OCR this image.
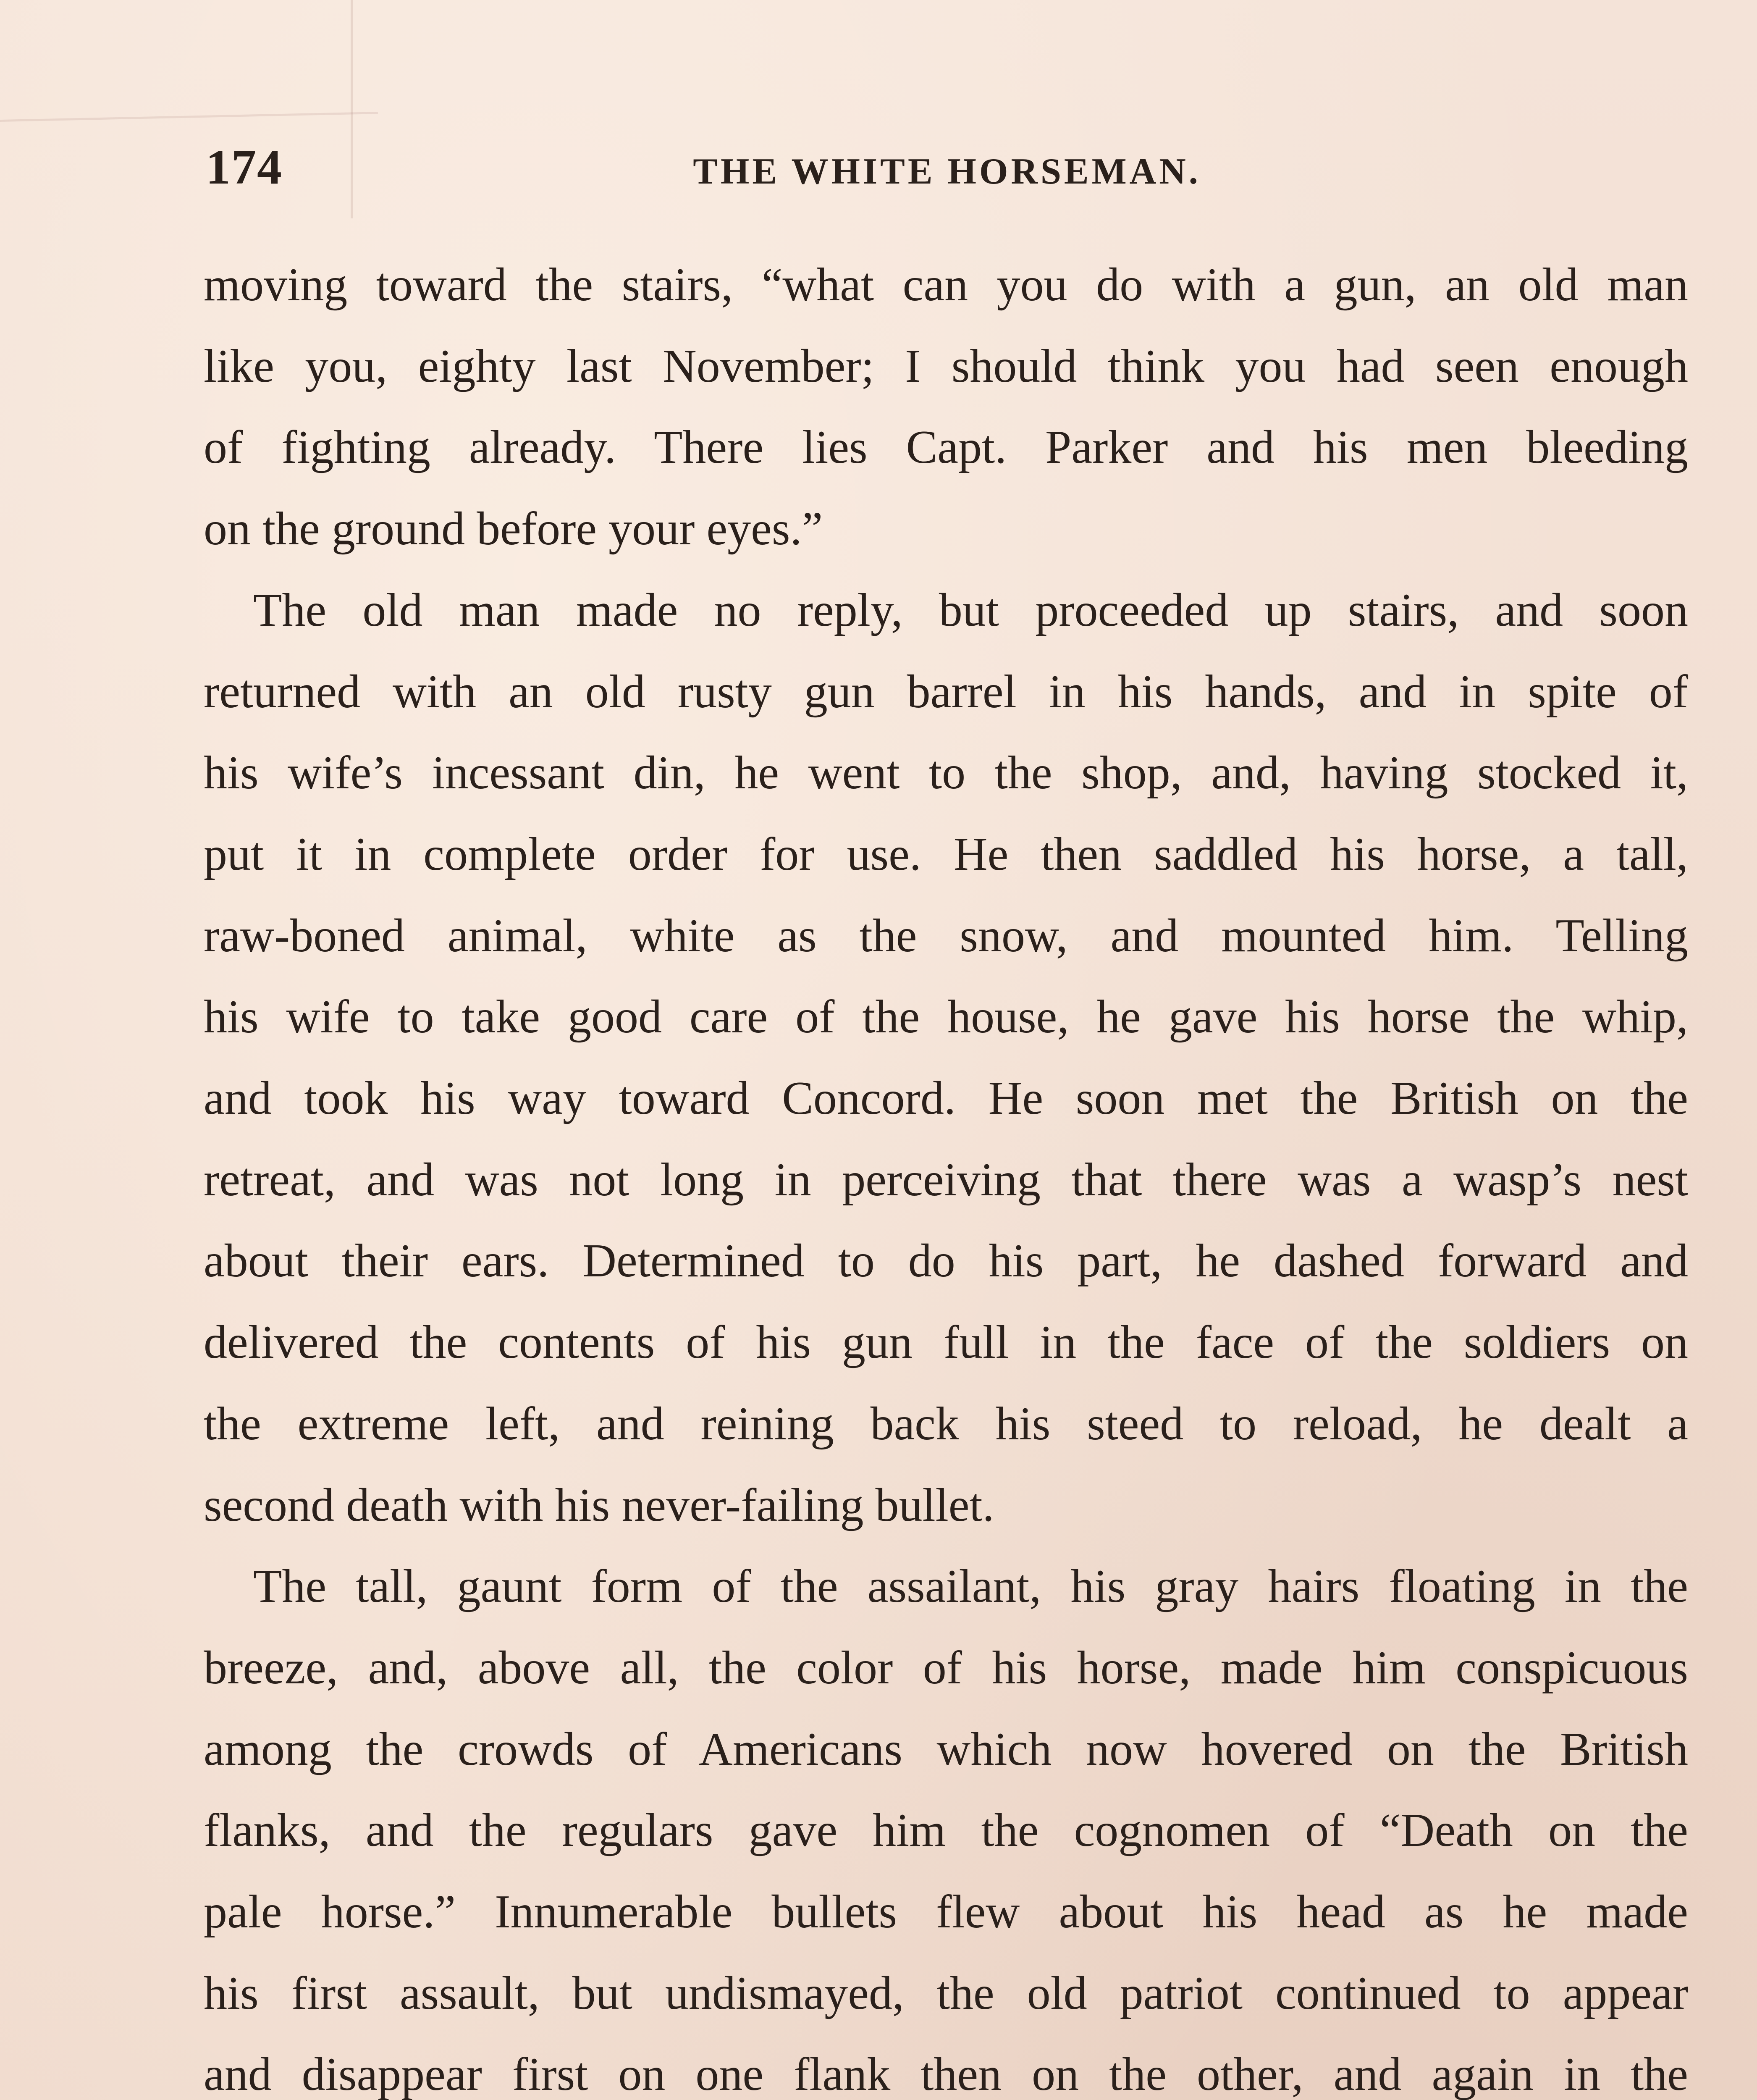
174	THE WHITE HORSEMAN.

moving toward the stairs, “what can you do with a gun, an old man

like you, eighty last November; I should think you had seen enough

of fighting already. There lies Capt. Parker and his men bleeding

on the ground before your eyes.”

The old man made no reply, but proceeded up stairs, and soon

returned with an old rusty gun barrel in his hands, and in spite of

his wife’s incessant din, he went to the shop, and, having stocked it,

put it in complete order for use. He then saddled his horse, a tall,

raw-boned animal, white as the snow, and mounted him. Telling

his wife to take good care of the house, he gave his horse the whip,

and took his way toward Concord. He soon met the British on the

retreat, and was not long in perceiving that there was a wasp’s nest

about their ears. Determined to do his part, he dashed forward and

delivered the contents of his gun full in the face of the soldiers on

the extreme left, and reining back his steed to reload, he dealt a

second death with his never-failing bullet.

The tall, gaunt form of the assailant, his gray hairs floating in the

breeze, and, above all, the color of his horse, made him conspicuous

among the crowds of Americans which now hovered on the British

flanks, and the regulars gave him the cognomen of “Death on the

pale horse.” Innumerable bullets flew about his head as he made

his first assault, but undismayed, the old patriot continued to appear

and disappear first on one flank then on the other, and again in the
